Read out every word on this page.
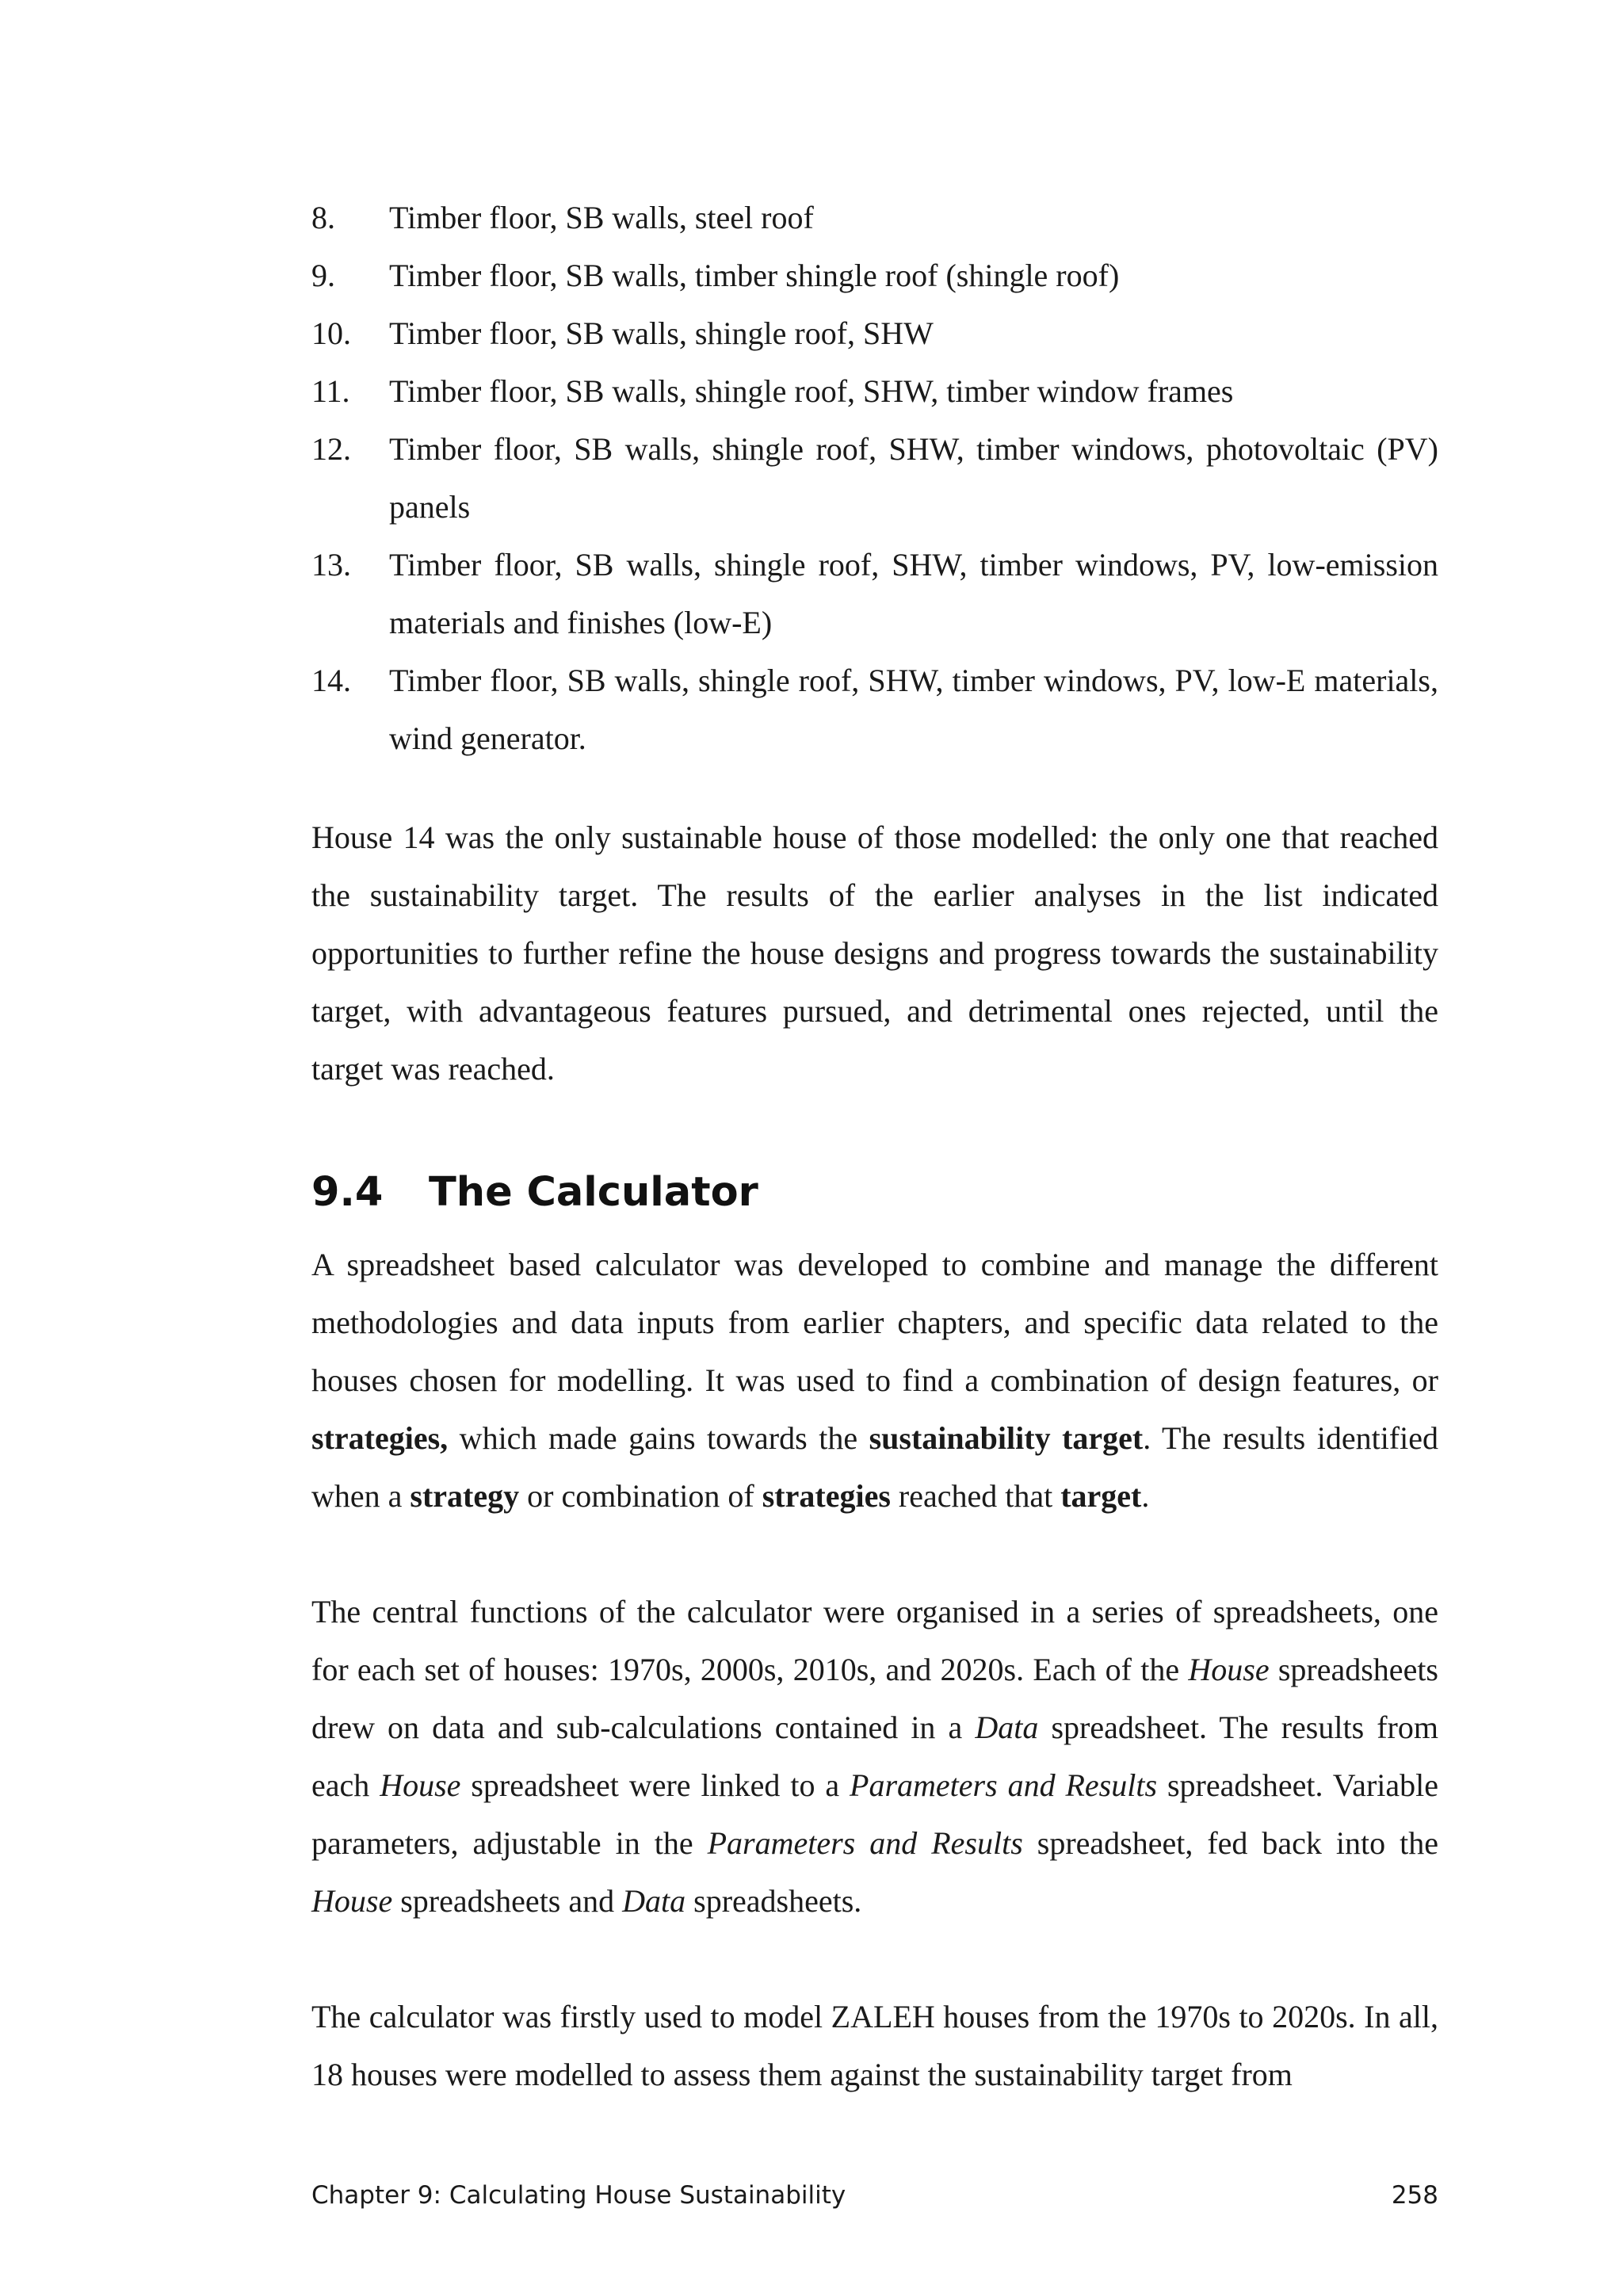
8.	Timber floor, SB walls, steel roof
9.	Timber floor, SB walls, timber shingle roof (shingle roof)
10.	Timber floor, SB walls, shingle roof, SHW
11.	Timber floor, SB walls, shingle roof, SHW, timber window frames
12.	Timber floor, SB walls, shingle roof, SHW, timber windows, photovoltaic (PV) panels
13.	Timber floor, SB walls, shingle roof, SHW, timber windows, PV, low-emission materials and finishes (low-E)
14.	Timber floor, SB walls, shingle roof, SHW, timber windows, PV, low-E materials, wind generator.

House 14 was the only sustainable house of those modelled: the only one that reached the sustainability target. The results of the earlier analyses in the list indicated opportunities to further refine the house designs and progress towards the sustainability target, with advantageous features pursued, and detrimental ones rejected, until the target was reached.

9.4	The Calculator

A spreadsheet based calculator was developed to combine and manage the different methodologies and data inputs from earlier chapters, and specific data related to the houses chosen for modelling. It was used to find a combination of design features, or strategies, which made gains towards the sustainability target. The results identified when a strategy or combination of strategies reached that target.

The central functions of the calculator were organised in a series of spreadsheets, one for each set of houses: 1970s, 2000s, 2010s, and 2020s. Each of the House spreadsheets drew on data and sub-calculations contained in a Data spreadsheet. The results from each House spreadsheet were linked to a Parameters and Results spreadsheet. Variable parameters, adjustable in the Parameters and Results spreadsheet, fed back into the House spreadsheets and Data spreadsheets.

The calculator was firstly used to model ZALEH houses from the 1970s to 2020s. In all, 18 houses were modelled to assess them against the sustainability target from

Chapter 9: Calculating House Sustainability	258
